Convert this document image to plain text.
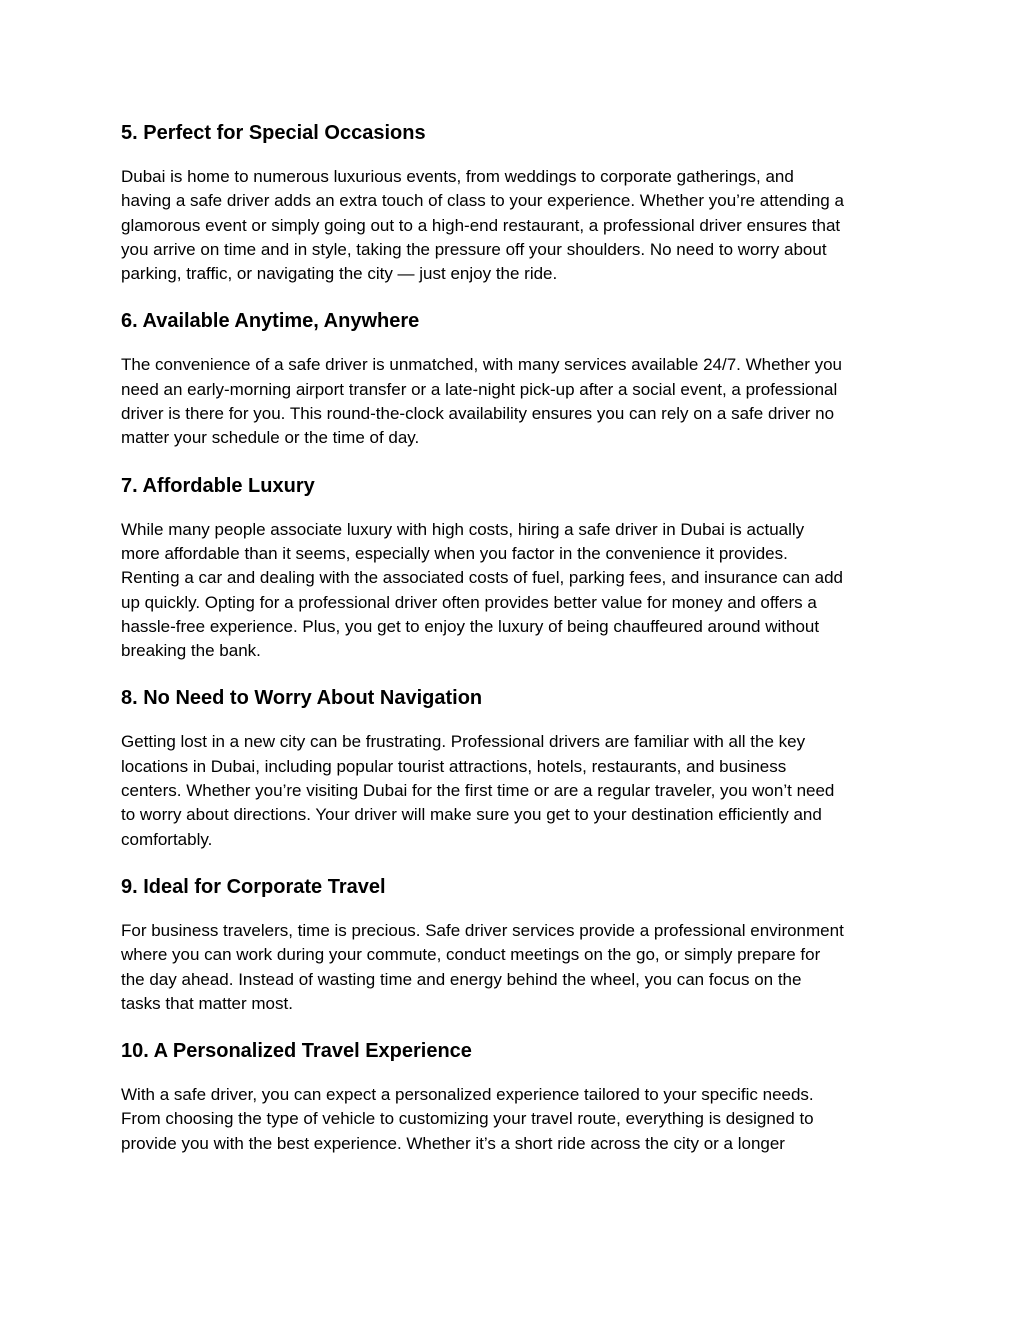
5. Perfect for Special Occasions

Dubai is home to numerous luxurious events, from weddings to corporate gatherings, and
having a safe driver adds an extra touch of class to your experience. Whether you’re attending a
glamorous event or simply going out to a high-end restaurant, a professional driver ensures that
you arrive on time and in style, taking the pressure off your shoulders. No need to worry about
parking, traffic, or navigating the city — just enjoy the ride.

6. Available Anytime, Anywhere

The convenience of a safe driver is unmatched, with many services available 24/7. Whether you
need an early-morning airport transfer or a late-night pick-up after a social event, a professional
driver is there for you. This round-the-clock availability ensures you can rely on a safe driver no
matter your schedule or the time of day.

7. Affordable Luxury

While many people associate luxury with high costs, hiring a safe driver in Dubai is actually
more affordable than it seems, especially when you factor in the convenience it provides.
Renting a car and dealing with the associated costs of fuel, parking fees, and insurance can add
up quickly. Opting for a professional driver often provides better value for money and offers a
hassle-free experience. Plus, you get to enjoy the luxury of being chauffeured around without
breaking the bank.

8. No Need to Worry About Navigation

Getting lost in a new city can be frustrating. Professional drivers are familiar with all the key
locations in Dubai, including popular tourist attractions, hotels, restaurants, and business
centers. Whether you’re visiting Dubai for the first time or are a regular traveler, you won’t need
to worry about directions. Your driver will make sure you get to your destination efficiently and
comfortably.

9. Ideal for Corporate Travel

For business travelers, time is precious. Safe driver services provide a professional environment
where you can work during your commute, conduct meetings on the go, or simply prepare for
the day ahead. Instead of wasting time and energy behind the wheel, you can focus on the
tasks that matter most.

10. A Personalized Travel Experience

With a safe driver, you can expect a personalized experience tailored to your specific needs.
From choosing the type of vehicle to customizing your travel route, everything is designed to
provide you with the best experience. Whether it’s a short ride across the city or a longer
